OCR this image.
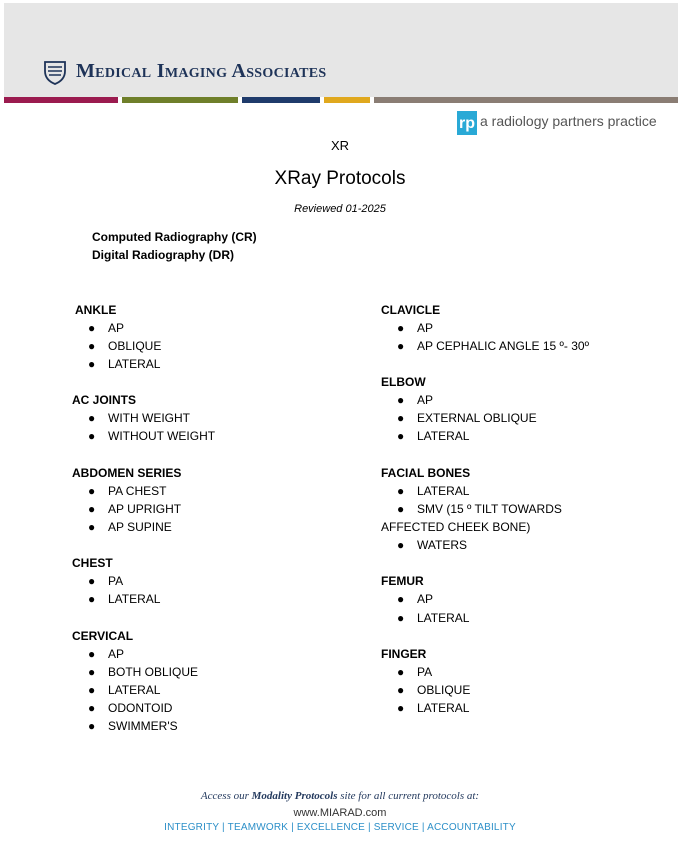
Medical Imaging Associates
rp a radiology partners practice
XR
XRay Protocols
Reviewed 01-2025
Computed Radiography (CR)
Digital Radiography (DR)
ANKLE
● AP
● OBLIQUE
● LATERAL
AC JOINTS
● WITH WEIGHT
● WITHOUT WEIGHT
ABDOMEN SERIES
● PA CHEST
● AP UPRIGHT
● AP SUPINE
CHEST
● PA
● LATERAL
CERVICAL
● AP
● BOTH OBLIQUE
● LATERAL
● ODONTOID
● SWIMMER'S
CLAVICLE
● AP
● AP CEPHALIC ANGLE 15 º- 30º
ELBOW
● AP
● EXTERNAL OBLIQUE
● LATERAL
FACIAL BONES
● LATERAL
● SMV (15 º TILT TOWARDS
AFFECTED CHEEK BONE)
● WATERS
FEMUR
● AP
● LATERAL
FINGER
● PA
● OBLIQUE
● LATERAL
Access our Modality Protocols site for all current protocols at:
www.MIARAD.com
INTEGRITY | TEAMWORK | EXCELLENCE | SERVICE | ACCOUNTABILITY
